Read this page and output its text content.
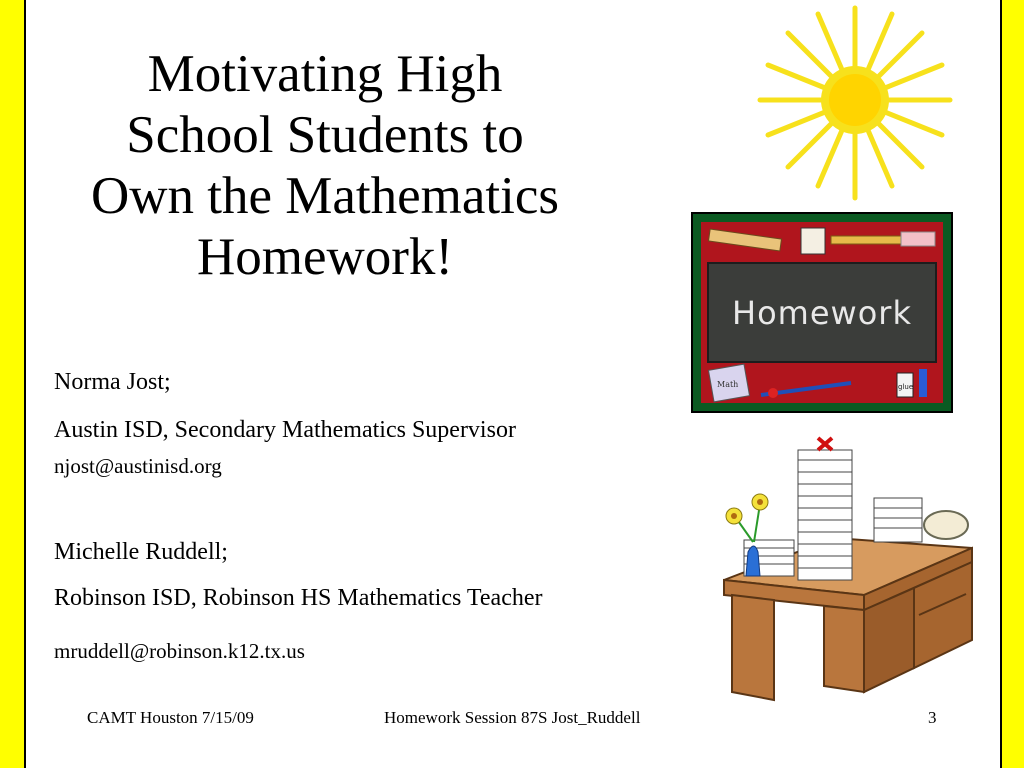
Motivating High
School Students to
Own the Mathematics
Homework!
Norma Jost;
Austin ISD, Secondary Mathematics Supervisor
njost@austinisd.org
Michelle Ruddell;
Robinson ISD, Robinson HS Mathematics Teacher
mruddell@robinson.k12.tx.us
Homework
Math	glue
CAMT Houston 7/15/09	Homework Session 87S Jost_Ruddell	3
